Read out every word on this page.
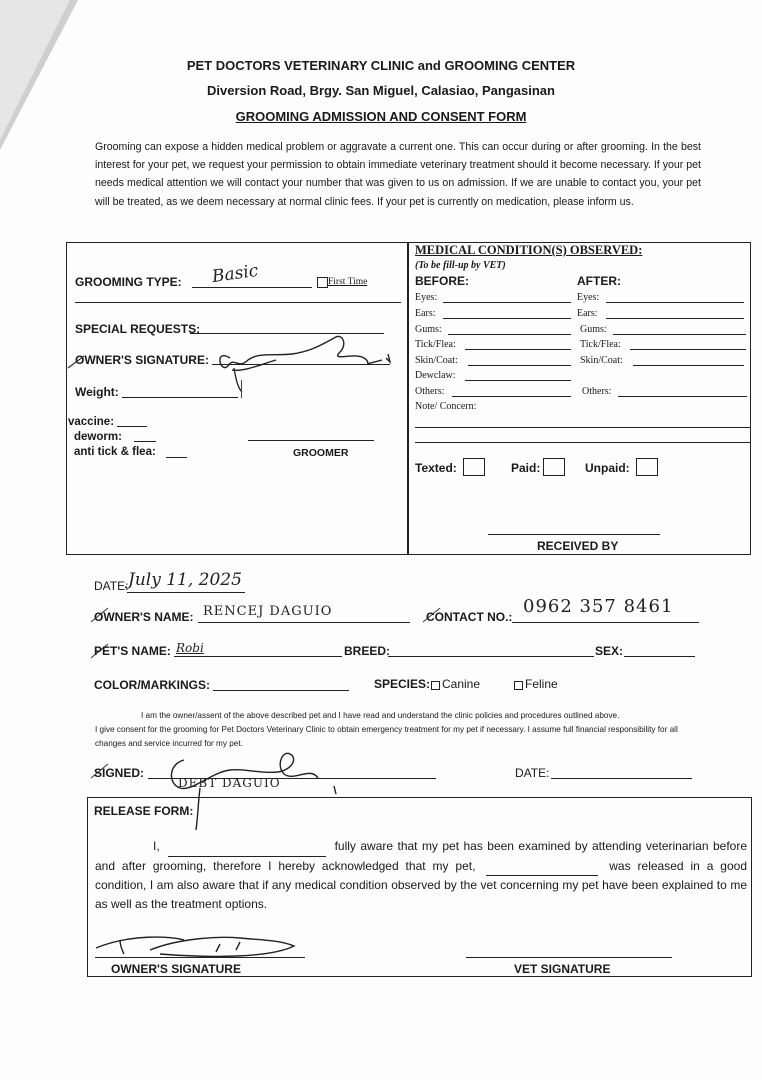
PET DOCTORS VETERINARY CLINIC and GROOMING CENTER
Diversion Road, Brgy. San Miguel, Calasiao, Pangasinan
GROOMING ADMISSION AND CONSENT FORM
Grooming can expose a hidden medical problem or aggravate a current one. This can occur during or after grooming. In the best interest for your pet, we request your permission to obtain immediate veterinary treatment should it become necessary. If your pet needs medical attention we will contact your number that was given to us on admission. If we are unable to contact you, your pet will be treated, as we deem necessary at normal clinic fees. If your pet is currently on medication, please inform us.
GROOMING TYPE: Basic	First Time
SPECIAL REQUESTS:
OWNER'S SIGNATURE:
Weight:
vaccine:
deworm:
anti tick & flea:	GROOMER
MEDICAL CONDITION(S) OBSERVED:
(To be fill-up by VET)
BEFORE:	AFTER:
Eyes:	Eyes:
Ears:	Ears:
Gums:	Gums:
Tick/Flea:	Tick/Flea:
Skin/Coat:	Skin/Coat:
Dewclaw:
Others:	Others:
Note/ Concern:
Texted:	Paid:	Unpaid:
RECEIVED BY
DATE: July 11, 2025
OWNER'S NAME: RENCEJ DAGUIO	CONTACT NO.: 0962 357 8461
PET'S NAME: Robi	BREED:	SEX:
COLOR/MARKINGS:	SPECIES: Canine	Feline
I am the owner/assent of the above described pet and I have read and understand the clinic policies and procedures outlined above.
I give consent for the grooming for Pet Doctors Veterinary Clinic to obtain emergency treatment for my pet if necessary. I assume full financial responsibility for all changes and service incurred for my pet.
SIGNED:
DEBT DAGUIO
DATE:
RELEASE FORM:
I,	fully aware that my pet has been examined by attending veterinarian before and after grooming, therefore I hereby acknowledged that my pet,	was released in a good condition, I am also aware that if any medical condition observed by the vet concerning my pet have been explained to me as well as the treatment options.
OWNER'S SIGNATURE	VET SIGNATURE
